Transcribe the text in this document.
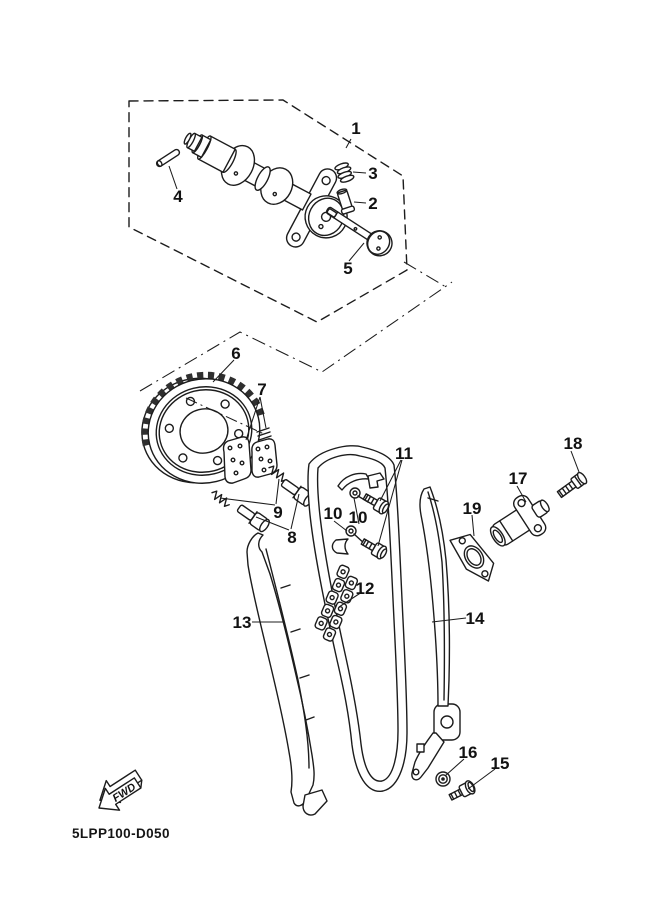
1
2
3
4
5
6
7
8
9 10 10
11
12
13	14
15
16
17
18
19
FWD
5LPP100-D050
